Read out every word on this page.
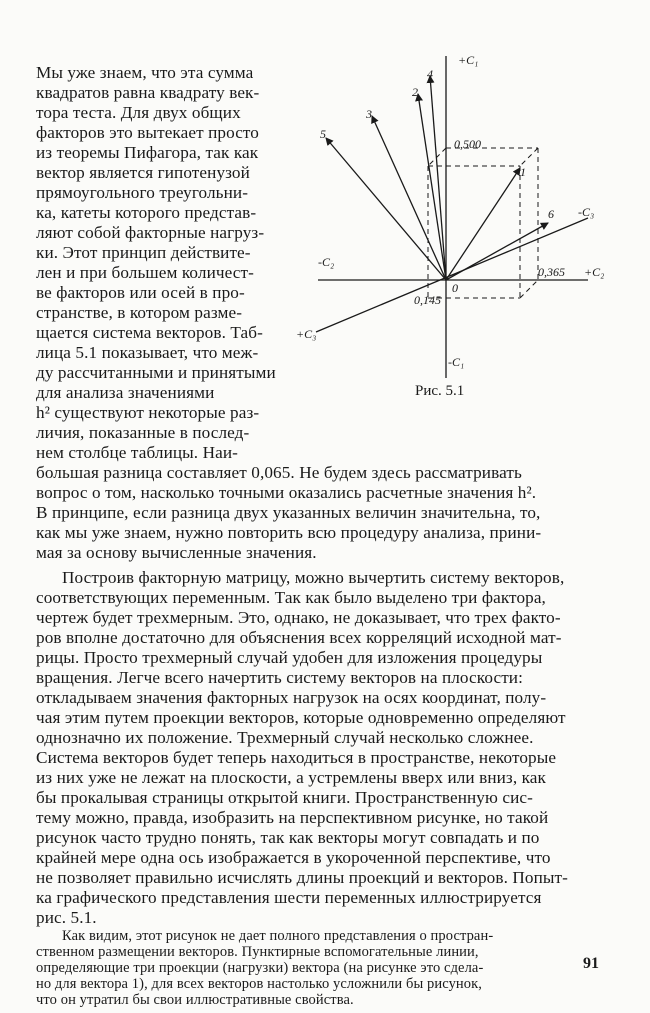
Мы уже знаем, что эта сумма
квадратов равна квадрату век-
тора теста. Для двух общих
факторов это вытекает просто
из теоремы Пифагора, так как
вектор является гипотенузой
прямоугольного треугольни-
ка, катеты которого представ-
ляют собой факторные нагруз-
ки. Этот принцип действите-
лен и при большем количест-
ве факторов или осей в про-
странстве, в котором разме-
щается система векторов. Таб-
лица 5.1 показывает, что меж-
ду рассчитанными и принятыми
для анализа значениями
h² существуют некоторые раз-
личия, показанные в послед-
нем столбце таблицы. Наи-
+C₁
-C₁
+C₂
-C₂
+C₃
-C₃
0,500
0,365
0,145
0
5
3
2
4
1
6
Рис. 5.1
большая разница составляет 0,065. Не будем здесь рассматривать
вопрос о том, насколько точными оказались расчетные значения h².
В принципе, если разница двух указанных величин значительна, то,
как мы уже знаем, нужно повторить всю процедуру анализа, прини-
мая за основу вычисленные значения.
Построив факторную матрицу, можно вычертить систему векторов,
соответствующих переменным. Так как было выделено три фактора,
чертеж будет трехмерным. Это, однако, не доказывает, что трех факто-
ров вполне достаточно для объяснения всех корреляций исходной мат-
рицы. Просто трехмерный случай удобен для изложения процедуры
вращения. Легче всего начертить систему векторов на плоскости:
откладываем значения факторных нагрузок на осях координат, полу-
чая этим путем проекции векторов, которые одновременно определяют
однозначно их положение. Трехмерный случай несколько сложнее.
Система векторов будет теперь находиться в пространстве, некоторые
из них уже не лежат на плоскости, а устремлены вверх или вниз, как
бы прокалывая страницы открытой книги. Пространственную сис-
тему можно, правда, изобразить на перспективном рисунке, но такой
рисунок часто трудно понять, так как векторы могут совпадать и по
крайней мере одна ось изображается в укороченной перспективе, что
не позволяет правильно исчислять длины проекций и векторов. Попыт-
ка графического представления шести переменных иллюстрируется
рис. 5.1.
Как видим, этот рисунок не дает полного представления о простран-
ственном размещении векторов. Пунктирные вспомогательные линии,
определяющие три проекции (нагрузки) вектора (на рисунке это сдела-
но для вектора 1), для всех векторов настолько усложнили бы рисунок,
что он утратил бы свои иллюстративные свойства.
91
